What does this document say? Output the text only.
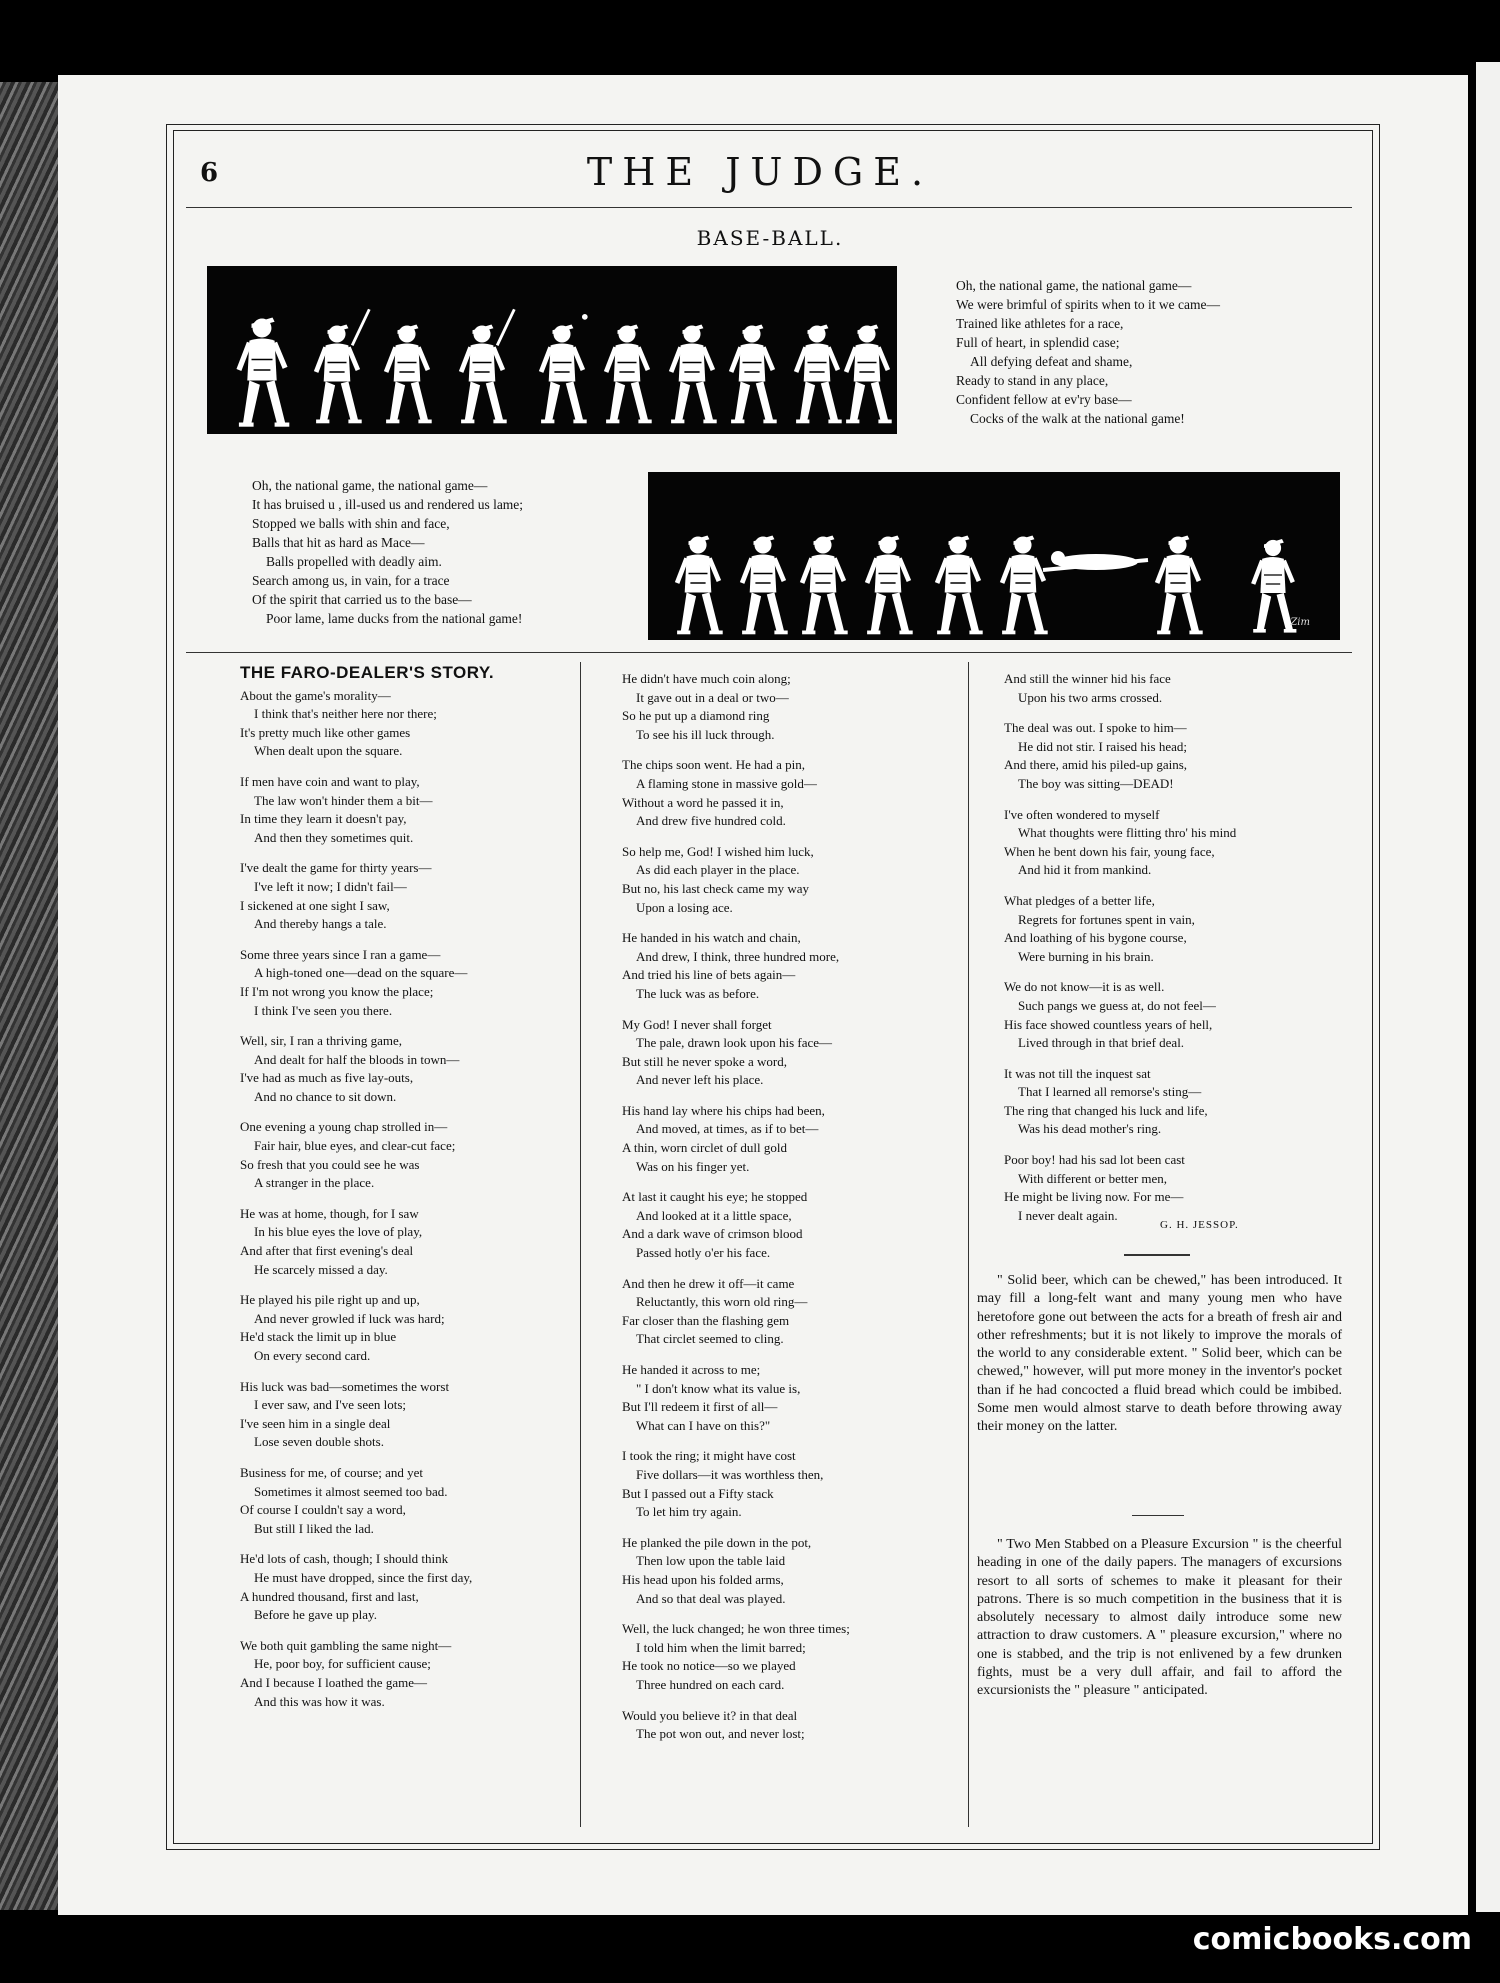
6	THE JUDGE.
BASE-BALL.
Oh, the national game, the national game—
We were brimful of spirits when to it we came—
Trained like athletes for a race,
Full of heart, in splendid case;
All defying defeat and shame,
Ready to stand in any place,
Confident fellow at ev'ry base—
Cocks of the walk at the national game!
Oh, the national game, the national game—
It has bruised u , ill-used us and rendered us lame;
Stopped we balls with shin and face,
Balls that hit as hard as Mace—
Balls propelled with deadly aim.
Search among us, in vain, for a trace
Of the spirit that carried us to the base—
Poor lame, lame ducks from the national game!	Zim
THE FARO-DEALER'S STORY.
About the game's morality—
I think that's neither here nor there;
It's pretty much like other games
When dealt upon the square.
If men have coin and want to play,
The law won't hinder them a bit—
In time they learn it doesn't pay,
And then they sometimes quit.
I've dealt the game for thirty years—
I've left it now; I didn't fail—
I sickened at one sight I saw,
And thereby hangs a tale.
Some three years since I ran a game—
A high-toned one—dead on the square—
If I'm not wrong you know the place;
I think I've seen you there.
Well, sir, I ran a thriving game,
And dealt for half the bloods in town—
I've had as much as five lay-outs,
And no chance to sit down.
One evening a young chap strolled in—
Fair hair, blue eyes, and clear-cut face;
So fresh that you could see he was
A stranger in the place.
He was at home, though, for I saw
In his blue eyes the love of play,
And after that first evening's deal
He scarcely missed a day.
He played his pile right up and up,
And never growled if luck was hard;
He'd stack the limit up in blue
On every second card.
His luck was bad—sometimes the worst
I ever saw, and I've seen lots;
I've seen him in a single deal
Lose seven double shots.
Business for me, of course; and yet
Sometimes it almost seemed too bad.
Of course I couldn't say a word,
But still I liked the lad.
He'd lots of cash, though; I should think
He must have dropped, since the first day,
A hundred thousand, first and last,
Before he gave up play.
We both quit gambling the same night—
He, poor boy, for sufficient cause;
And I because I loathed the game—
And this was how it was.
He didn't have much coin along;
It gave out in a deal or two—
So he put up a diamond ring
To see his ill luck through.
The chips soon went. He had a pin,
A flaming stone in massive gold—
Without a word he passed it in,
And drew five hundred cold.
So help me, God! I wished him luck,
As did each player in the place.
But no, his last check came my way
Upon a losing ace.
He handed in his watch and chain,
And drew, I think, three hundred more,
And tried his line of bets again—
The luck was as before.
My God! I never shall forget
The pale, drawn look upon his face—
But still he never spoke a word,
And never left his place.
His hand lay where his chips had been,
And moved, at times, as if to bet—
A thin, worn circlet of dull gold
Was on his finger yet.
At last it caught his eye; he stopped
And looked at it a little space,
And a dark wave of crimson blood
Passed hotly o'er his face.
And then he drew it off—it came
Reluctantly, this worn old ring—
Far closer than the flashing gem
That circlet seemed to cling.
He handed it across to me;
" I don't know what its value is,
But I'll redeem it first of all—
What can I have on this?"
I took the ring; it might have cost
Five dollars—it was worthless then,
But I passed out a Fifty stack
To let him try again.
He planked the pile down in the pot,
Then low upon the table laid
His head upon his folded arms,
And so that deal was played.
Well, the luck changed; he won three times;
I told him when the limit barred;
He took no notice—so we played
Three hundred on each card.
Would you believe it? in that deal
The pot won out, and never lost;
And still the winner hid his face
Upon his two arms crossed.
The deal was out. I spoke to him—
He did not stir. I raised his head;
And there, amid his piled-up gains,
The boy was sitting—DEAD!
I've often wondered to myself
What thoughts were flitting thro' his mind
When he bent down his fair, young face,
And hid it from mankind.
What pledges of a better life,
Regrets for fortunes spent in vain,
And loathing of his bygone course,
Were burning in his brain.
We do not know—it is as well.
Such pangs we guess at, do not feel—
His face showed countless years of hell,
Lived through in that brief deal.
It was not till the inquest sat
That I learned all remorse's sting—
The ring that changed his luck and life,
Was his dead mother's ring.
Poor boy! had his sad lot been cast
With different or better men,
He might be living now. For me—
I never dealt again.
G. H. JESSOP.

" Solid beer, which can be chewed," has been introduced. It may fill a long-felt want and many young men who have heretofore gone out between the acts for a breath of fresh air and other refreshments; but it is not likely to improve the morals of the world to any considerable extent. " Solid beer, which can be chewed," however, will put more money in the inventor's pocket than if he had concocted a fluid bread which could be imbibed. Some men would almost starve to death before throwing away their money on the latter.

" Two Men Stabbed on a Pleasure Excursion " is the cheerful heading in one of the daily papers. The managers of excursions resort to all sorts of schemes to make it pleasant for their patrons. There is so much competition in the business that it is absolutely necessary to almost daily introduce some new attraction to draw customers. A " pleasure excursion," where no one is stabbed, and the trip is not enlivened by a few drunken fights, must be a very dull affair, and fail to afford the excursionists the " pleasure " anticipated.

comicbooks.com
